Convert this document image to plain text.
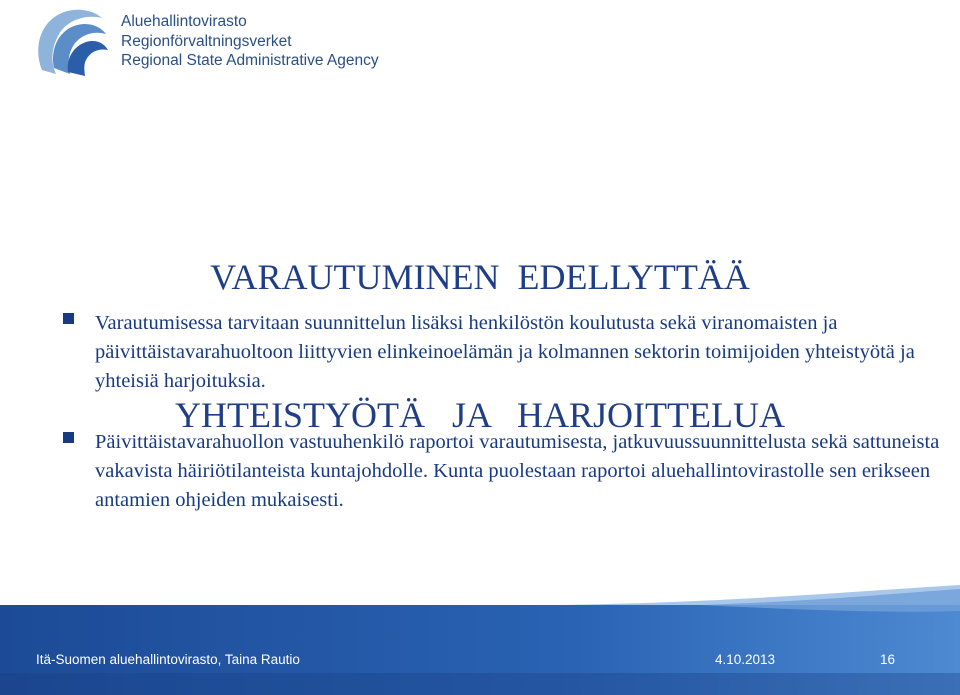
Aluehallintovirasto
Regionförvaltningsverket
Regional State Administrative Agency

VARAUTUMINEN  EDELLYTTÄÄ

YHTEISTYÖTÄ   JA   HARJOITTELUA

Varautumisessa tarvitaan suunnittelun lisäksi henkilöstön koulutusta sekä viranomaisten ja päivittäistavarahuoltoon liittyvien elinkeinoelämän ja kolmannen sektorin toimijoiden yhteistyötä ja yhteisiä harjoituksia.
Päivittäistavarahuollon vastuuhenkilö raportoi varautumisesta, jatkuvuussuunnittelusta sekä sattuneista vakavista häiriötilanteista kuntajohdolle. Kunta puolestaan raportoi aluehallintovirastolle sen erikseen antamien ohjeiden mukaisesti.
Itä-Suomen aluehallintovirasto, Taina Rautio	4.10.2013	16
